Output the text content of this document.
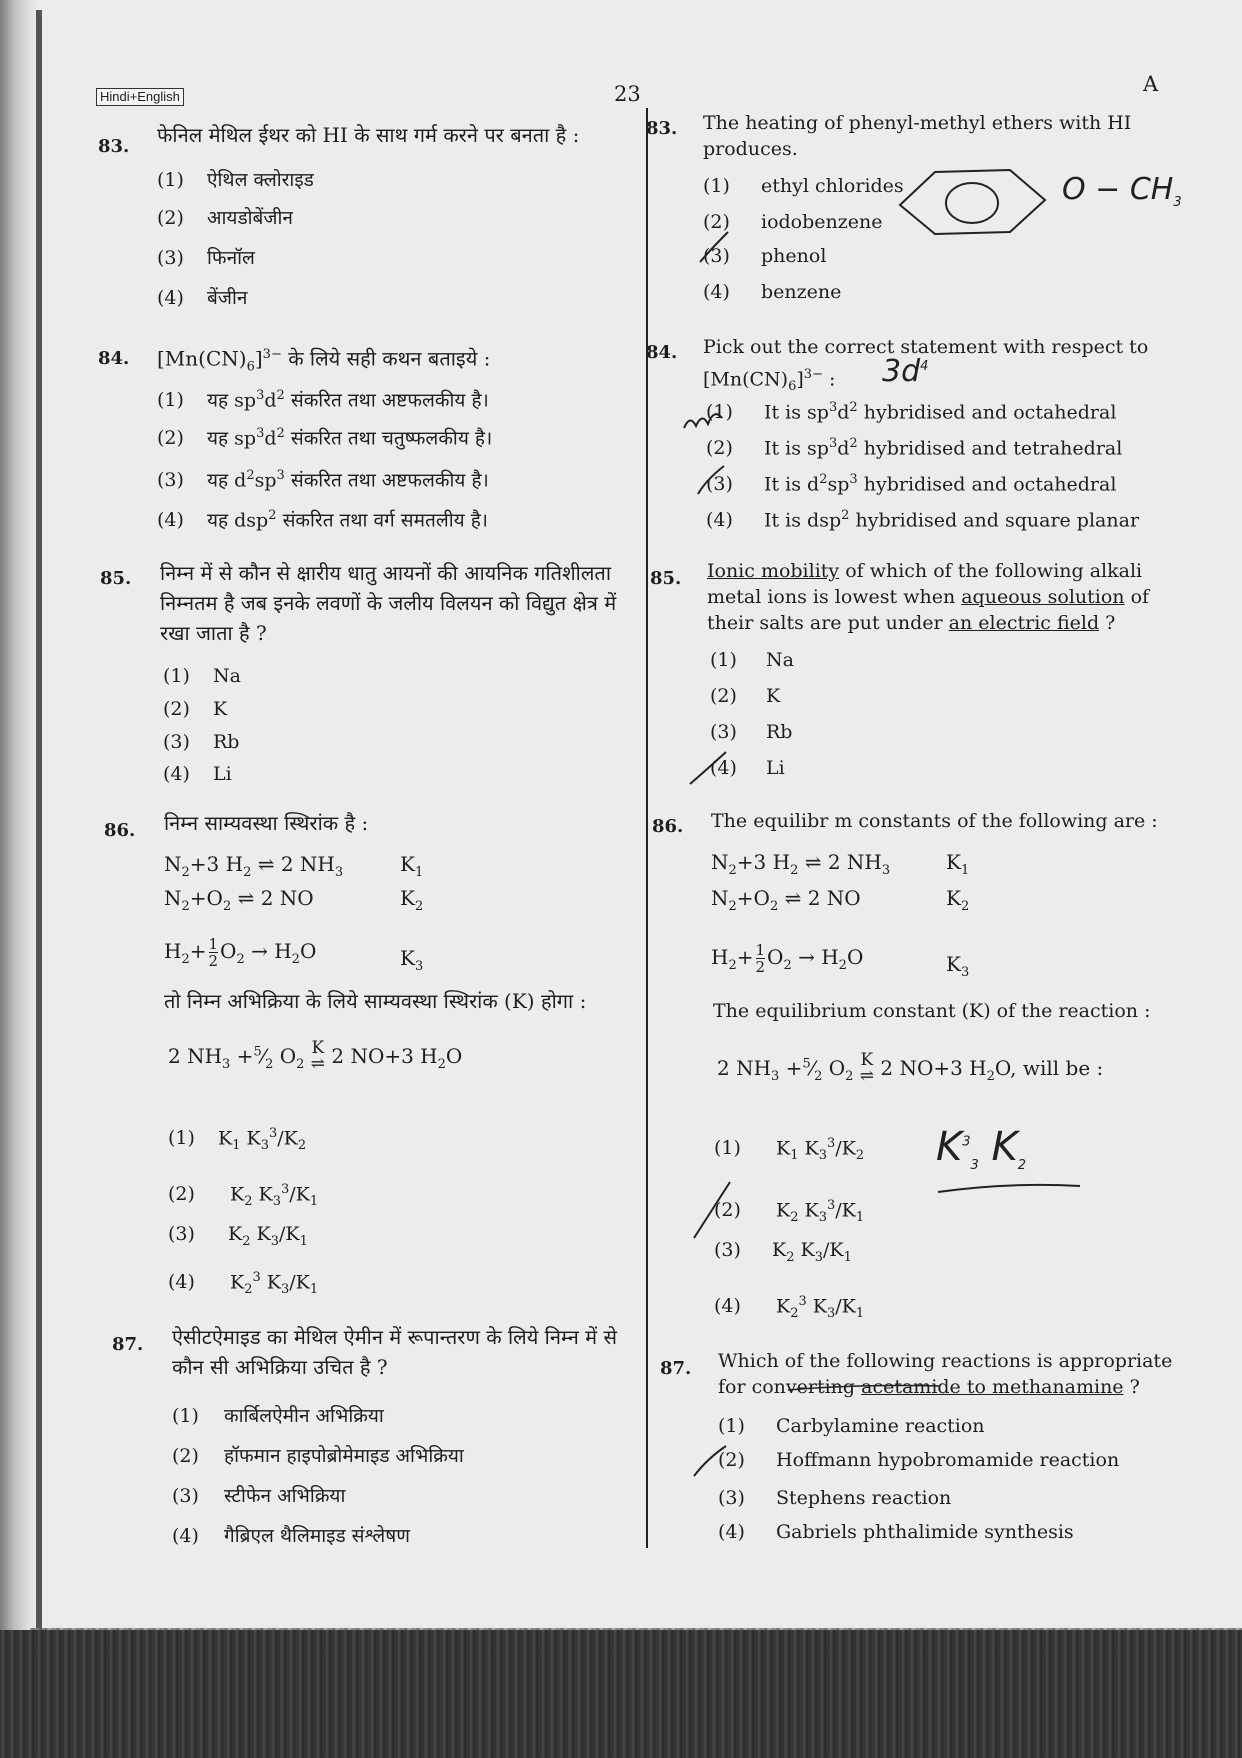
Hindi+English	23	A
83. फेनिल मेथिल ईथर को HI के साथ गर्म करने पर बनता है :
(1) ऐथिल क्लोराइड
(2) आयडोबेंजीन
(3) फिनॉल
(4) बेंजीन
84. $[Mn(CN)_6]^{3-}$ के लिये सही कथन बताइये :
(1) यह $sp^3d^2$ संकरित तथा अष्टफलकीय है।
(2) यह $sp^3d^2$ संकरित तथा चतुष्फलकीय है।
(3) यह $d^2sp^3$ संकरित तथा अष्टफलकीय है।
(4) यह dsp$^2$ संकरित तथा वर्ग समतलीय है।
85. निम्न में से कौन से क्षारीय धातु आयनों की आयनिक गतिशीलता निम्नतम है जब इनके लवणों के जलीय विलयन को विद्युत क्षेत्र में रखा जाता है ?
(1) Na
(2) K
(3) Rb
(4) Li
86. निम्न साम्यवस्था स्थिरांक है :
$N_2+3$ $H_2$ ⇌ 2 $NH_3$	$K_1$
$N_2+O_2$ ⇌ 2 NO	$K_2$
$H_2+ \frac{1}{2} O_2 \to H_2O$	$K_3$
तो निम्न अभिक्रिया के लिये साम्यवस्था स्थिरांक (K) होगा :
2 $NH_3$ $+^5⁄_2$ $O_2$
K
⇌ 2 NO+3 $H_2O$
(1) $K_1$ $K_3^3/K_2$
(2) $K_2$ $K_3^3/K_1$
(3) $K_2$ $K_3/K_1$
(4) $K_2^3$ $K_3/K_1$
87. ऐसीटऐमाइड का मेथिल ऐमीन में रूपान्तरण के लिये निम्न में से कौन सी अभिक्रिया उचित है ?
(1) कार्बिलऐमीन अभिक्रिया
(2) हॉफमान हाइपोब्रोमेमाइड अभिक्रिया
(3) स्टीफेन अभिक्रिया
(4) गैब्रिएल थैलिमाइड संश्लेषण
83. The heating of phenyl-methyl ethers with HI produces.
(1) ethyl chlorides
(2) iodobenzene
(3) phenol
(4) benzene
84. Pick out the correct statement with respect to
$[Mn(CN)_6]^{3-}$ :
(1) It is $sp^3d^2$ hybridised and octahedral
(2) It is $sp^3d^2$ hybridised and tetrahedral
(3) It is $d^2sp^3$ hybridised and octahedral
(4) It is dsp$^2$ hybridised and square planar
85. Ionic mobility of which of the following alkali metal ions is lowest when aqueous solution of their salts are put under an electric field ?
(1) Na
(2) K
(3) Rb
(4) Li
86. The equilibr m constants of the following are :
$N_2+3$ $H_2$ ⇌ 2 $NH_3$	$K_1$
$N_2+O_2$ ⇌ 2 NO	$K_2$
$H_2+ \frac{1}{2} O_2 \to H_2O$	$K_3$
The equilibrium constant (K) of the reaction :
2 $NH_3$ $+^5⁄_2$ $O_2$
K
⇌ 2 NO+3 $H_2O$, will be :
(1) $K_1$ $K_3^3/K_2$
(2) $K_2$ $K_3^3/K_1$
(3) $K_2$ $K_3/K_1$
(4) $K_2^3$ $K_3/K_1$
87. Which of the following reactions is appropriate for converting acetamide to methanamine ?
(1) Carbylamine reaction
(2) Hoffmann hypobromamide reaction
(3) Stephens reaction
(4) Gabriels phthalimide synthesis
$O - CH_3$
$3d^4$
$K^3_3$ $K_2$
